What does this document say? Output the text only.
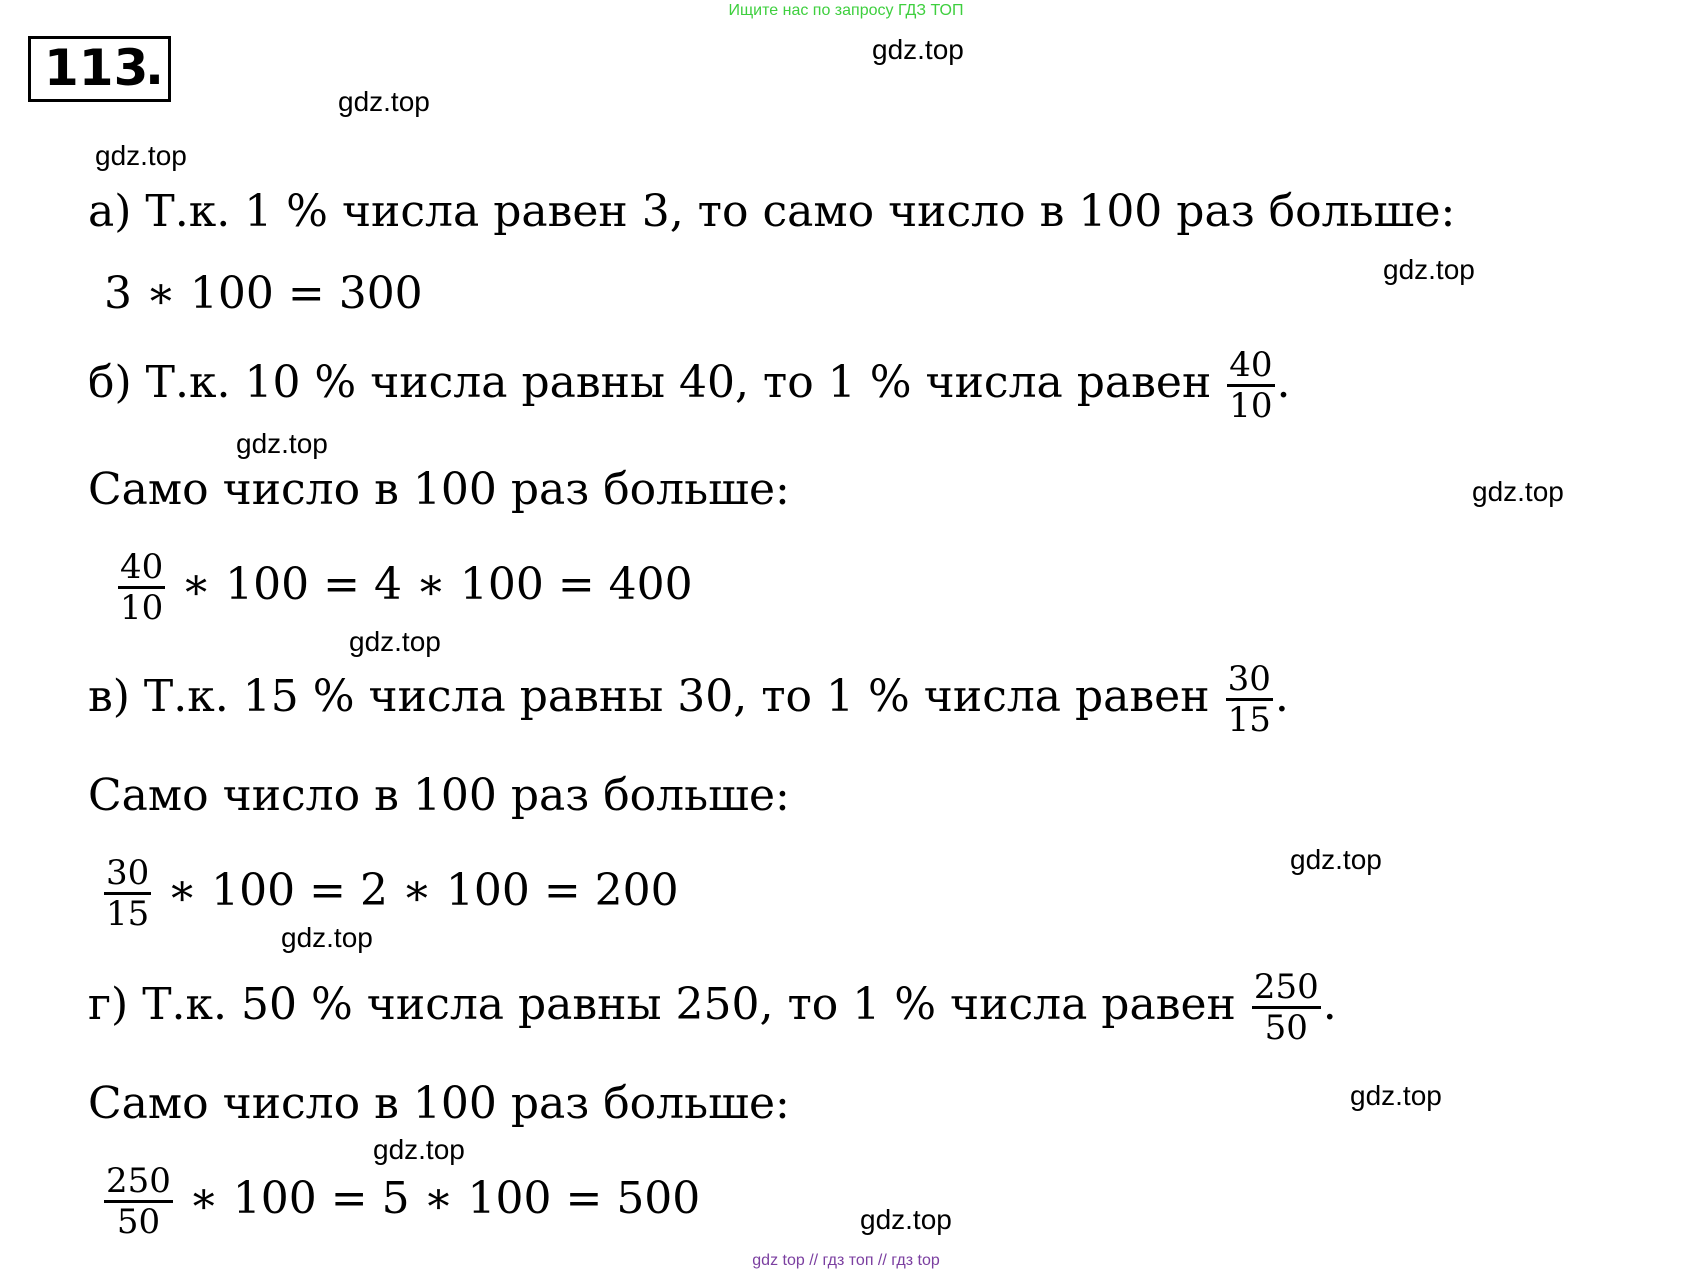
Ищите нас по запросу ГДЗ ТОП
113
.	gdz.top
gdz.top
gdz.top
gdz.top
gdz.top
gdz.top
gdz.top
gdz.top
gdz.top
gdz.top
gdz.top
gdz.top
а) Т.к. 1 % числа равен 3, то само число в 100 раз больше:
3 ∗ 100 = 300
б) Т.к. 10 % числа равны 40, то 1 % числа равен $\frac{40}{10}$ .
Само число в 100 раз больше:
$\frac{40}{10}$ ∗ 100 = 4 ∗ 100 = 400
в) Т.к. 15 % числа равны 30, то 1 % числа равен $\frac{30}{15}$ .
Само число в 100 раз больше:
$\frac{30}{15}$ ∗ 100 = 2 ∗ 100 = 200
г) Т.к. 50 % числа равны 250, то 1 % числа равен $\frac{250}{50}$ .
Само число в 100 раз больше:
$\frac{250}{50}$ ∗ 100 = 5 ∗ 100 = 500
gdz top // гдз топ // гдз top
